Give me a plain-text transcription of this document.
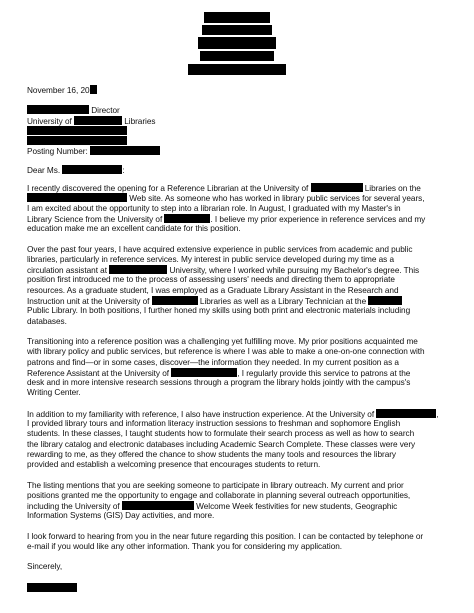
November 16, 20
Director
University of	Libraries
Posting Number:
Dear Ms.	:
I recently discovered the opening for a Reference Librarian at the University of	Libraries on the
Web site. As someone who has worked in library public services for several years,
I am excited about the opportunity to step into a librarian role. In August, I graduated with my Master's in
Library Science from the University of	. I believe my prior experience in reference services and my
education make me an excellent candidate for this position.
Over the past four years, I have acquired extensive experience in public services from academic and public
libraries, particularly in reference services. My interest in public service developed during my time as a
circulation assistant at	University, where I worked while pursuing my Bachelor's degree. This
position first introduced me to the process of assessing users' needs and directing them to appropriate
resources. As a graduate student, I was employed as a Graduate Library Assistant in the Research and
Instruction unit at the University of	Libraries as well as a Library Technician at the
Public Library. In both positions, I further honed my skills using both print and electronic materials including
databases.
Transitioning into a reference position was a challenging yet fulfilling move. My prior positions acquainted me
with library policy and public services, but reference is where I was able to make a one-on-one connection with
patrons and find—or in some cases, discover—the information they needed. In my current position as a
Reference Assistant at the University of	, I regularly provide this service to patrons at the
desk and in more intensive research sessions through a program the library holds jointly with the campus's
Writing Center.
In addition to my familiarity with reference, I also have instruction experience. At the University of	,
I provided library tours and information literacy instruction sessions to freshman and sophomore English
students. In these classes, I taught students how to formulate their search process as well as how to search
the library catalog and electronic databases including Academic Search Complete. These classes were very
rewarding to me, as they offered the chance to show students the many tools and resources the library
provided and establish a welcoming presence that encourages students to return.
The listing mentions that you are seeking someone to participate in library outreach. My current and prior
positions granted me the opportunity to engage and collaborate in planning several outreach opportunities,
including the University of	Welcome Week festivities for new students, Geographic
Information Systems (GIS) Day activities, and more.
I look forward to hearing from you in the near future regarding this position. I can be contacted by telephone or
e-mail if you would like any other information. Thank you for considering my application.
Sincerely,
